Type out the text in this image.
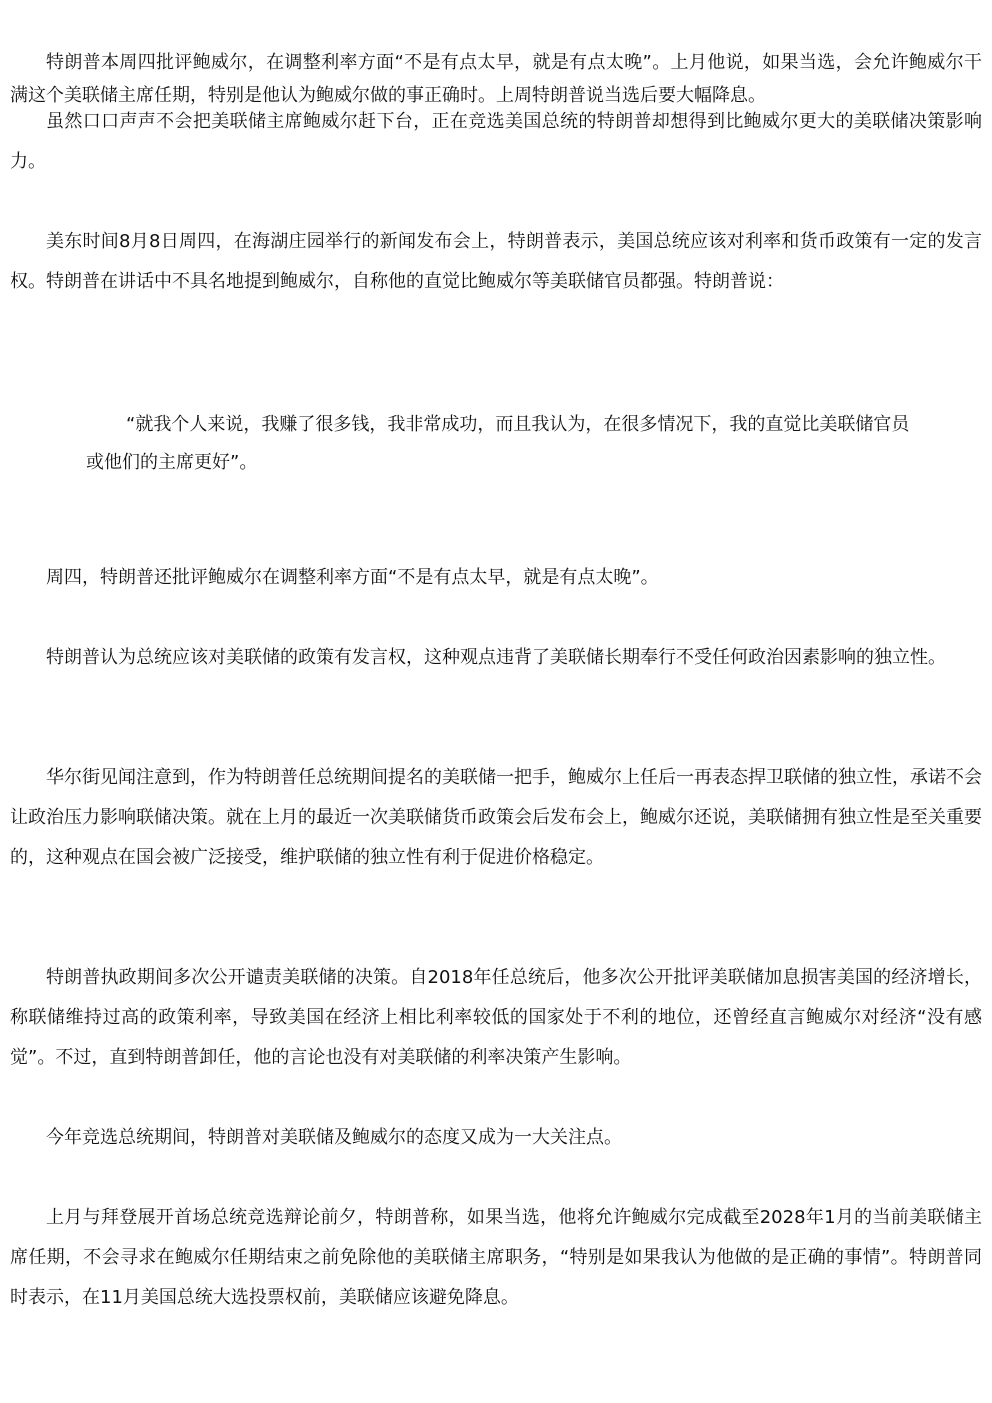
特朗普本周四批评鲍威尔，在调整利率方面“不是有点太早，就是有点太晚”。上月他说，如果当选，会允许鲍威尔干满这个美联储主席任期，特别是他认为鲍威尔做的事正确时。上周特朗普说当选后要大幅降息。

虽然口口声声不会把美联储主席鲍威尔赶下台，正在竞选美国总统的特朗普却想得到比鲍威尔更大的美联储决策影响力。

美东时间8月8日周四，在海湖庄园举行的新闻发布会上，特朗普表示，美国总统应该对利率和货币政策有一定的发言权。特朗普在讲话中不具名地提到鲍威尔，自称他的直觉比鲍威尔等美联储官员都强。特朗普说：

“就我个人来说，我赚了很多钱，我非常成功，而且我认为，在很多情况下，我的直觉比美联储官员或他们的主席更好”。

周四，特朗普还批评鲍威尔在调整利率方面“不是有点太早，就是有点太晚”。

特朗普认为总统应该对美联储的政策有发言权，这种观点违背了美联储长期奉行不受任何政治因素影响的独立性。

华尔街见闻注意到，作为特朗普任总统期间提名的美联储一把手，鲍威尔上任后一再表态捍卫联储的独立性，承诺不会让政治压力影响联储决策。就在上月的最近一次美联储货币政策会后发布会上，鲍威尔还说，美联储拥有独立性是至关重要的，这种观点在国会被广泛接受，维护联储的独立性有利于促进价格稳定。

特朗普执政期间多次公开谴责美联储的决策。自2018年任总统后，他多次公开批评美联储加息损害美国的经济增长，称联储维持过高的政策利率，导致美国在经济上相比利率较低的国家处于不利的地位，还曾经直言鲍威尔对经济“没有感觉”。不过，直到特朗普卸任，他的言论也没有对美联储的利率决策产生影响。

今年竞选总统期间，特朗普对美联储及鲍威尔的态度又成为一大关注点。

上月与拜登展开首场总统竞选辩论前夕，特朗普称，如果当选，他将允许鲍威尔完成截至2028年1月的当前美联储主席任期，不会寻求在鲍威尔任期结束之前免除他的美联储主席职务，“特别是如果我认为他做的是正确的事情”。特朗普同时表示，在11月美国总统大选投票权前，美联储应该避免降息。
